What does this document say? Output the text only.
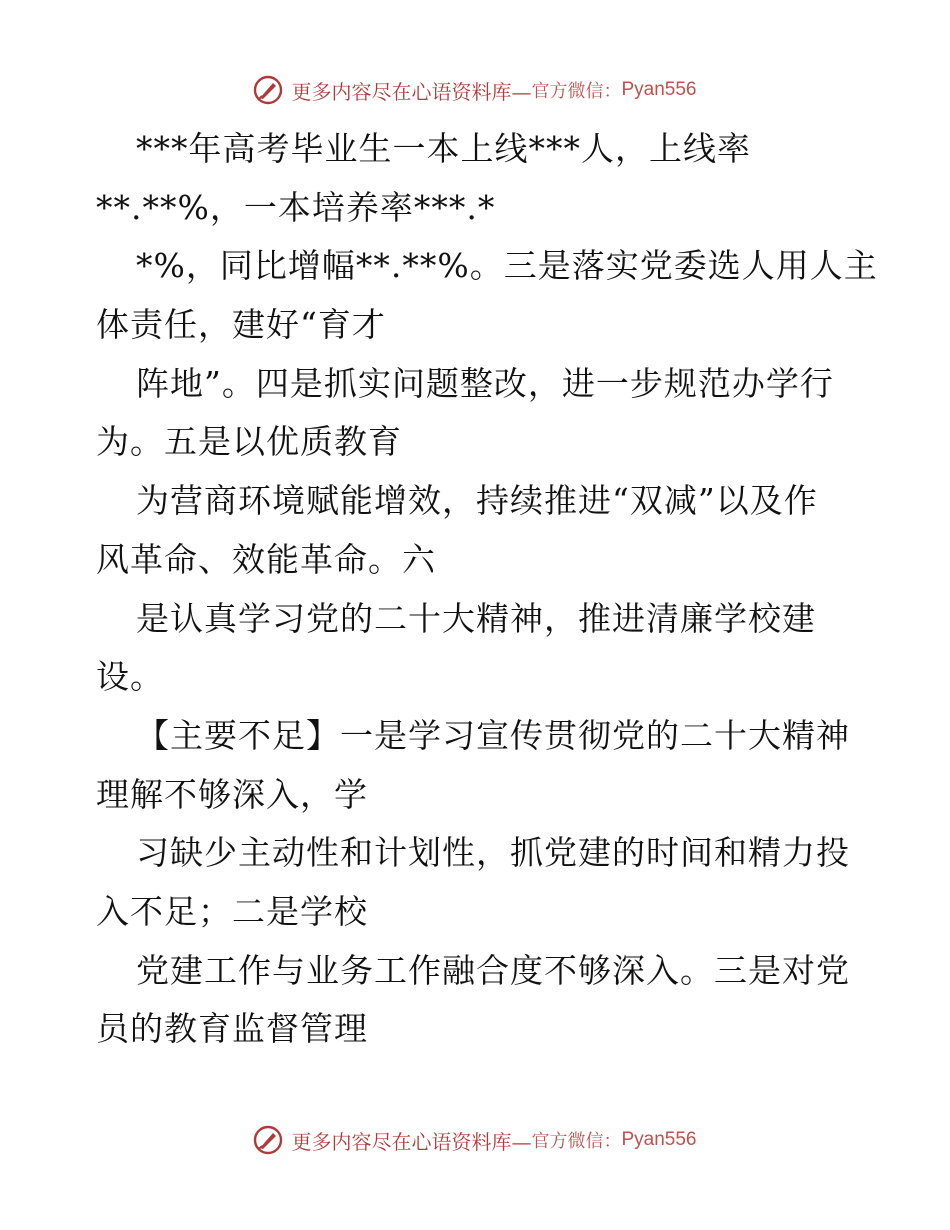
更多内容尽在心语资料库— 官方微信： Pyan556
***年高考毕业生一本上线***人，上线率
**.**%，一本培养率***.*
*%，同比增幅**.**%。三是落实党委选人用人主
体责任，建好“育才
阵地”。四是抓实问题整改，进一步规范办学行
为。五是以优质教育
为营商环境赋能增效，持续推进“双减”以及作
风革命、效能革命。六
是认真学习党的二十大精神，推进清廉学校建
设。
【主要不足】一是学习宣传贯彻党的二十大精神
理解不够深入，学
习缺少主动性和计划性，抓党建的时间和精力投
入不足；二是学校
党建工作与业务工作融合度不够深入。三是对党
员的教育监督管理
更多内容尽在心语资料库— 官方微信： Pyan556
